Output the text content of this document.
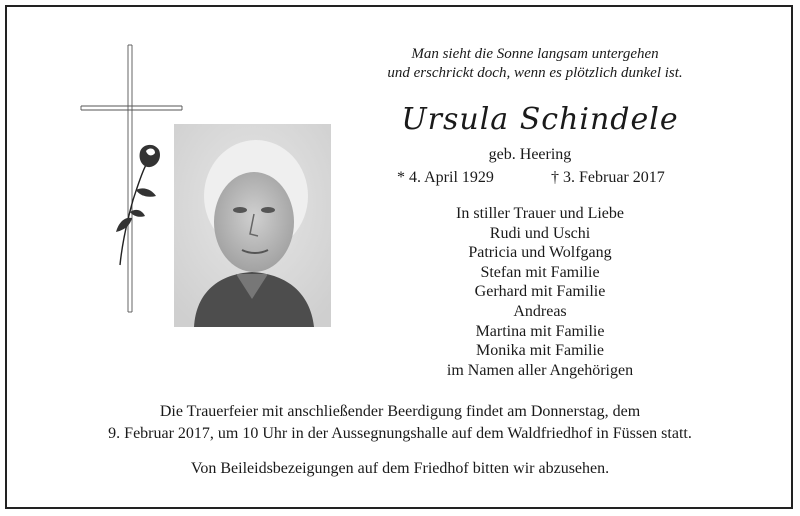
Man sieht die Sonne langsam untergehen
und erschrickt doch, wenn es plötzlich dunkel ist.
Ursula Schindele
geb. Heering
* 4. April 1929	† 3. Februar 2017
In stiller Trauer und Liebe
Rudi und Uschi
Patricia und Wolfgang
Stefan mit Familie
Gerhard mit Familie
Andreas
Martina mit Familie
Monika mit Familie
im Namen aller Angehörigen
Die Trauerfeier mit anschließender Beerdigung findet am Donnerstag, dem
9. Februar 2017, um 10 Uhr in der Aussegnungshalle auf dem Waldfriedhof in Füssen statt.
Von Beileidsbezeigungen auf dem Friedhof bitten wir abzusehen.
